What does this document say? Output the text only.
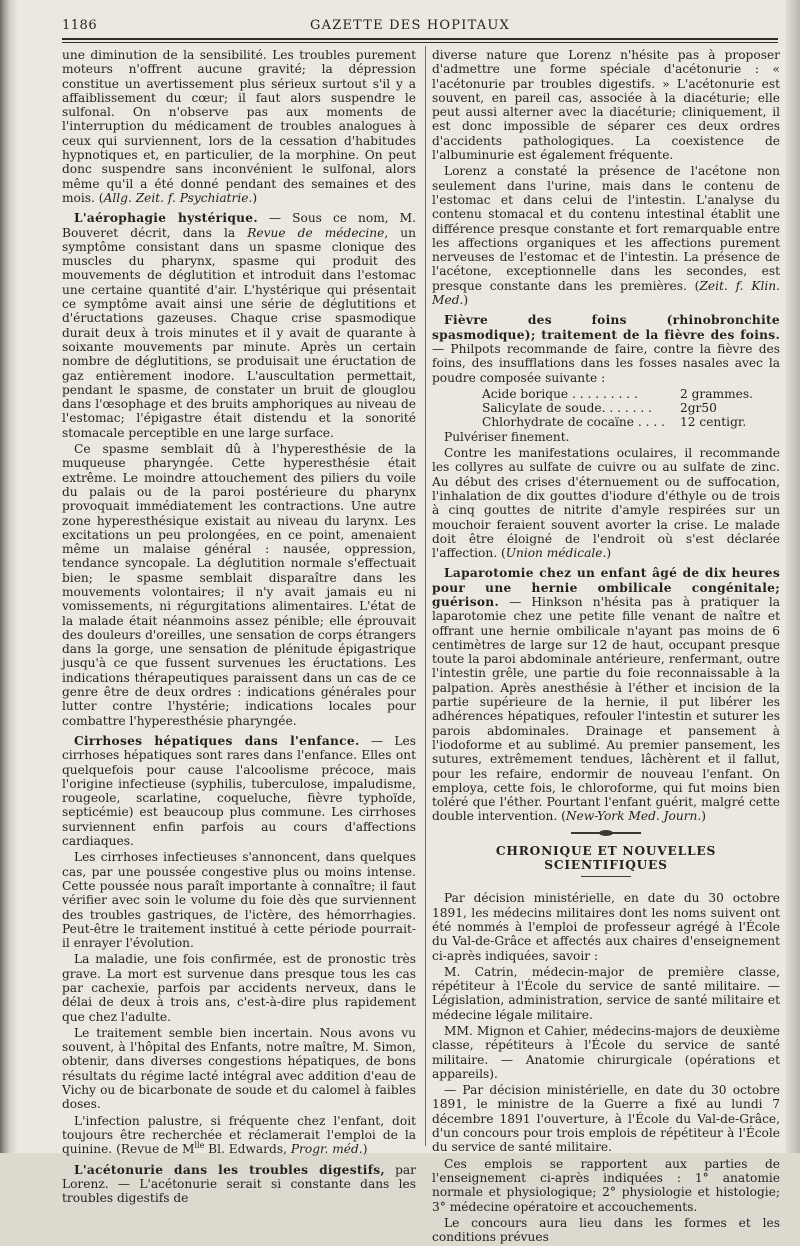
1186	GAZETTE DES HOPITAUX

une diminution de la sensibilité. Les troubles purement moteurs n'offrent aucune gravité; la dépression constitue un avertissement plus sérieux surtout s'il y a affaiblissement du cœur; il faut alors suspendre le sulfonal. On n'observe pas aux moments de l'interruption du médicament de troubles analogues à ceux qui surviennent, lors de la cessation d'habitudes hypnotiques et, en particulier, de la morphine. On peut donc suspendre sans inconvénient le sulfonal, alors même qu'il a été donné pendant des semaines et des mois. (Allg. Zeit. f. Psychiatrie.)

L'aérophagie hystérique. — Sous ce nom, M. Bouveret décrit, dans la Revue de médecine, un symptôme consistant dans un spasme clonique des muscles du pharynx, spasme qui produit des mouvements de déglutition et introduit dans l'estomac une certaine quantité d'air. L'hystérique qui présentait ce symptôme avait ainsi une série de déglutitions et d'éructations gazeuses. Chaque crise spasmodique durait deux à trois minutes et il y avait de quarante à soixante mouvements par minute. Après un certain nombre de déglutitions, se produisait une éructation de gaz entièrement inodore. L'auscultation permettait, pendant le spasme, de constater un bruit de glouglou dans l'œsophage et des bruits amphoriques au niveau de l'estomac; l'épigastre était distendu et la sonorité stomacale perceptible en une large surface.

Ce spasme semblait dû à l'hyperesthésie de la muqueuse pharyngée. Cette hyperesthésie était extrême. Le moindre attouchement des piliers du voile du palais ou de la paroi postérieure du pharynx provoquait immédiatement les contractions. Une autre zone hyperesthésique existait au niveau du larynx. Les excitations un peu prolongées, en ce point, amenaient même un malaise général : nausée, oppression, tendance syncopale. La déglutition normale s'effectuait bien; le spasme semblait disparaître dans les mouvements volontaires; il n'y avait jamais eu ni vomissements, ni régurgitations alimentaires. L'état de la malade était néanmoins assez pénible; elle éprouvait des douleurs d'oreilles, une sensation de corps étrangers dans la gorge, une sensation de plénitude épigastrique jusqu'à ce que fussent survenues les éructations. Les indications thérapeutiques paraissent dans un cas de ce genre être de deux ordres : indications générales pour lutter contre l'hystérie; indications locales pour combattre l'hyperesthésie pharyngée.

Cirrhoses hépatiques dans l'enfance. — Les cirrhoses hépatiques sont rares dans l'enfance. Elles ont quelquefois pour cause l'alcoolisme précoce, mais l'origine infectieuse (syphilis, tuberculose, impaludisme, rougeole, scarlatine, coqueluche, fièvre typhoïde, septicémie) est beaucoup plus commune. Les cirrhoses surviennent enfin parfois au cours d'affections cardiaques.

Les cirrhoses infectieuses s'annoncent, dans quelques cas, par une poussée congestive plus ou moins intense. Cette poussée nous paraît importante à connaître; il faut vérifier avec soin le volume du foie dès que surviennent des troubles gastriques, de l'ictère, des hémorrhagies. Peut-être le traitement institué à cette période pourrait-il enrayer l'évolution.

La maladie, une fois confirmée, est de pronostic très grave. La mort est survenue dans presque tous les cas par cachexie, parfois par accidents nerveux, dans le délai de deux à trois ans, c'est-à-dire plus rapidement que chez l'adulte.

Le traitement semble bien incertain. Nous avons vu souvent, à l'hôpital des Enfants, notre maître, M. Simon, obtenir, dans diverses congestions hépatiques, de bons résultats du régime lacté intégral avec addition d'eau de Vichy ou de bicarbonate de soude et du calomel à faibles doses.

L'infection palustre, si fréquente chez l'enfant, doit toujours être recherchée et réclamerait l'emploi de la quinine. (Revue de $M^{lle}$ Bl. Edwards, Progr. méd.)

L'acétonurie dans les troubles digestifs, par Lorenz. — L'acétonurie serait si constante dans les troubles digestifs de

diverse nature que Lorenz n'hésite pas à proposer d'admettre une forme spéciale d'acétonurie : « l'acétonurie par troubles digestifs. » L'acétonurie est souvent, en pareil cas, associée à la diacéturie; elle peut aussi alterner avec la diacéturie; cliniquement, il est donc impossible de séparer ces deux ordres d'accidents pathologiques. La coexistence de l'albuminurie est également fréquente.

Lorenz a constaté la présence de l'acétone non seulement dans l'urine, mais dans le contenu de l'estomac et dans celui de l'intestin. L'analyse du contenu stomacal et du contenu intestinal établit une différence presque constante et fort remarquable entre les affections organiques et les affections purement nerveuses de l'estomac et de l'intestin. La présence de l'acétone, exceptionnelle dans les secondes, est presque constante dans les premières. (Zeit. f. Klin. Med.)

Fièvre des foins (rhinobronchite spasmodique); traitement de la fièvre des foins. — Philpots recommande de faire, contre la fièvre des foins, des insufflations dans les fosses nasales avec la poudre composée suivante :

Acide borique . . . . . . . . .	2 grammes.
Salicylate de soude. . . . . . .	2gr50
Chlorhydrate de cocaïne . . . .	12 centigr.

Pulvériser finement.

Contre les manifestations oculaires, il recommande les collyres au sulfate de cuivre ou au sulfate de zinc. Au début des crises d'éternuement ou de suffocation, l'inhalation de dix gouttes d'iodure d'éthyle ou de trois à cinq gouttes de nitrite d'amyle respirées sur un mouchoir feraient souvent avorter la crise. Le malade doit être éloigné de l'endroit où s'est déclarée l'affection. (Union médicale.)

Laparotomie chez un enfant âgé de dix heures pour une hernie ombilicale congénitale; guérison. — Hinkson n'hésita pas à pratiquer la laparotomie chez une petite fille venant de naître et offrant une hernie ombilicale n'ayant pas moins de 6 centimètres de large sur 12 de haut, occupant presque toute la paroi abdominale antérieure, renfermant, outre l'intestin grêle, une partie du foie reconnaissable à la palpation. Après anesthésie à l'éther et incision de la partie supérieure de la hernie, il put libérer les adhérences hépatiques, refouler l'intestin et suturer les parois abdominales. Drainage et pansement à l'iodoforme et au sublimé. Au premier pansement, les sutures, extrêmement tendues, lâchèrent et il fallut, pour les refaire, endormir de nouveau l'enfant. On employa, cette fois, le chloroforme, qui fut moins bien toléré que l'éther. Pourtant l'enfant guérit, malgré cette double intervention. (New-York Med. Journ.)

CHRONIQUE ET NOUVELLES SCIENTIFIQUES

Par décision ministérielle, en date du 30 octobre 1891, les médecins militaires dont les noms suivent ont été nommés à l'emploi de professeur agrégé à l'École du Val-de-Grâce et affectés aux chaires d'enseignement ci-après indiquées, savoir :

M. Catrin, médecin-major de première classe, répétiteur à l'École du service de santé militaire. — Législation, administration, service de santé militaire et médecine légale militaire.

MM. Mignon et Cahier, médecins-majors de deuxième classe, répétiteurs à l'École du service de santé militaire. — Anatomie chirurgicale (opérations et appareils).

— Par décision ministérielle, en date du 30 octobre 1891, le ministre de la Guerre a fixé au lundi 7 décembre 1891 l'ouverture, à l'École du Val-de-Grâce, d'un concours pour trois emplois de répétiteur à l'École du service de santé militaire.

Ces emplois se rapportent aux parties de l'enseignement ci-après indiquées : 1° anatomie normale et physiologique; 2° physiologie et histologie; 3° médecine opératoire et accouchements.

Le concours aura lieu dans les formes et les conditions prévues
